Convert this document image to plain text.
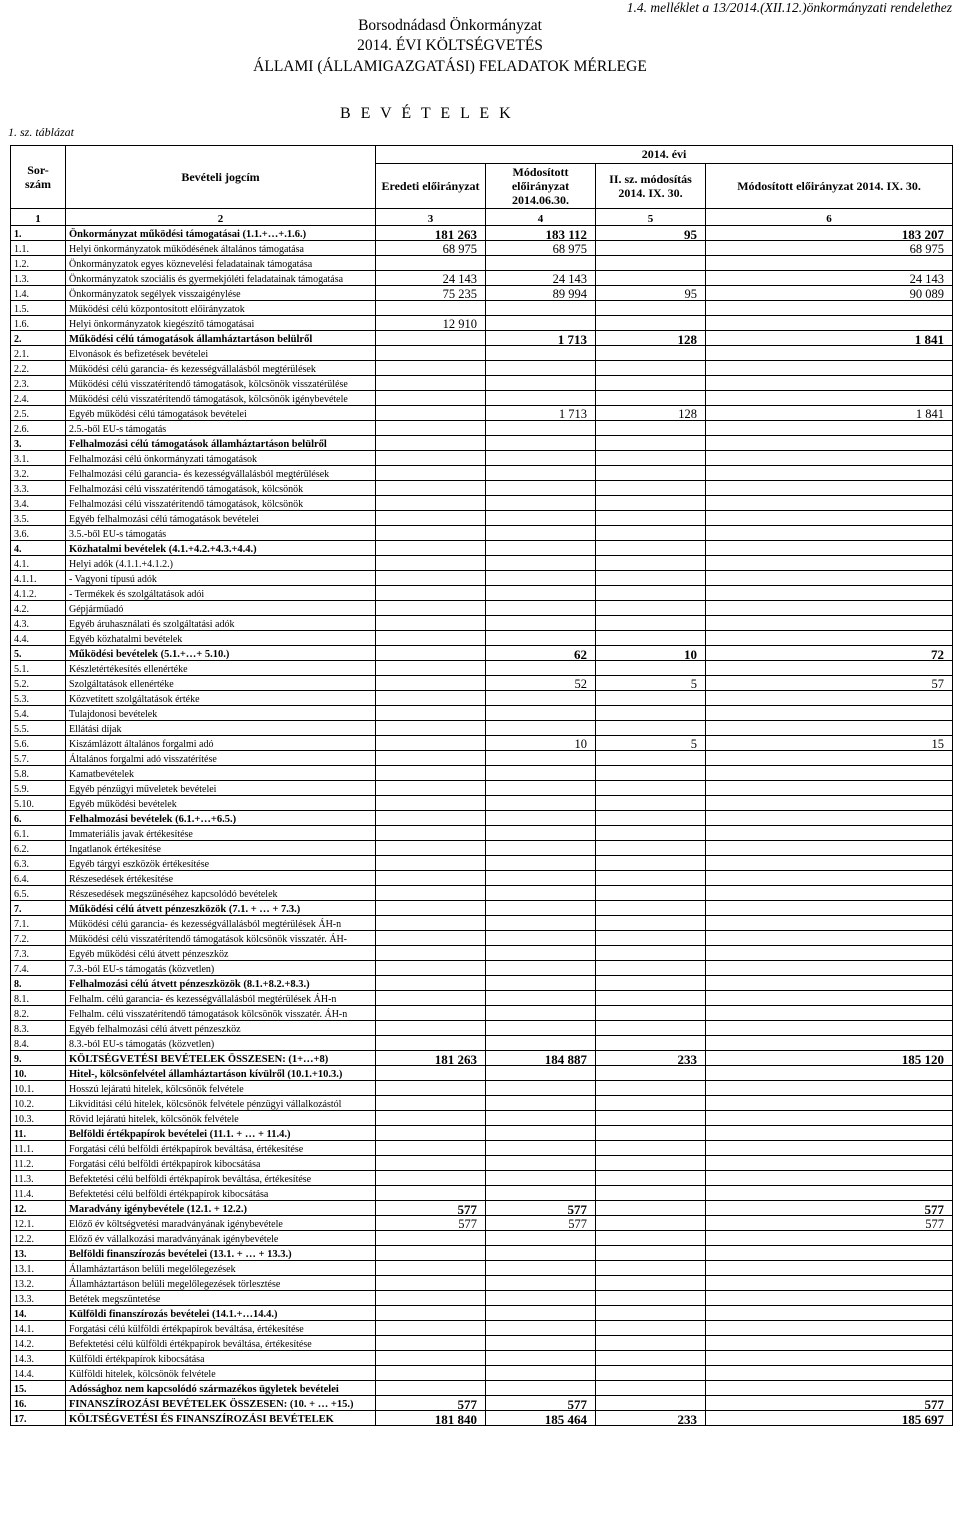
1.4. melléklet a 13/2014.(XII.12.)önkormányzati rendelethez
Borsodnádasd Önkormányzat
2014. ÉVI KÖLTSÉGVETÉS
ÁLLAMI (ÁLLAMIGAZGATÁSI) FELADATOK MÉRLEGE
B E V É T E L E K
1. sz. táblázat
Sor-
szám	Bevételi jogcím	2014. évi			
		Eredeti előirányzat	Módosított előirányzat 2014.06.30.	II. sz. módosítás 2014. IX. 30.	Módosított előirányzat 2014. IX. 30.
1	2	3	4	5	6
1.	Önkormányzat működési támogatásai (1.1.+…+.1.6.)	181 263	183 112	95	183 207
1.1.	Helyi önkormányzatok működésének általános támogatása	68 975	68 975		68 975
1.2.	Önkormányzatok egyes köznevelési feladatainak támogatása				
1.3.	Önkormányzatok szociális és gyermekjóléti feladatainak támogatása	24 143	24 143		24 143
1.4.	Önkormányzatok segélyek visszaigénylése	75 235	89 994	95	90 089
1.5.	Működési célú központosított előirányzatok				
1.6.	Helyi önkormányzatok kiegészítő támogatásai	12 910			
2.	Működési célú támogatások államháztartáson belülről		1 713	128	1 841
2.1.	Elvonások és befizetések bevételei				
2.2.	Működési célú garancia- és kezességvállalásból megtérülések				
2.3.	Működési célú visszatérítendő támogatások, kölcsönök visszatérülése				
2.4.	Működési célú visszatérítendő támogatások, kölcsönök igénybevétele				
2.5.	Egyéb működési célú támogatások bevételei		1 713	128	1 841
2.6.	2.5.-ből EU-s támogatás				
3.	Felhalmozási célú támogatások államháztartáson belülről				
3.1.	Felhalmozási célú önkormányzati támogatások				
3.2.	Felhalmozási célú garancia- és kezességvállalásból megtérülések				
3.3.	Felhalmozási célú visszatérítendő támogatások, kölcsönök				
3.4.	Felhalmozási célú visszatérítendő támogatások, kölcsönök				
3.5.	Egyéb felhalmozási célú támogatások bevételei				
3.6.	3.5.-ből EU-s támogatás				
4.	Közhatalmi bevételek (4.1.+4.2.+4.3.+4.4.)				
4.1.	Helyi adók (4.1.1.+4.1.2.)				
4.1.1.	- Vagyoni típusú adók				
4.1.2.	- Termékek és szolgáltatások adói				
4.2.	Gépjárműadó				
4.3.	Egyéb áruhasználati és szolgáltatási adók				
4.4.	Egyéb közhatalmi bevételek				
5.	Működési bevételek (5.1.+…+ 5.10.)		62	10	72
5.1.	Készletértékesítés ellenértéke				
5.2.	Szolgáltatások ellenértéke		52	5	57
5.3.	Közvetített szolgáltatások értéke				
5.4.	Tulajdonosi bevételek				
5.5.	Ellátási díjak				
5.6.	Kiszámlázott általános forgalmi adó		10	5	15
5.7.	Általános forgalmi adó visszatérítése				
5.8.	Kamatbevételek				
5.9.	Egyéb pénzügyi műveletek bevételei				
5.10.	Egyéb működési bevételek				
6.	Felhalmozási bevételek (6.1.+…+6.5.)				
6.1.	Immateriális javak értékesítése				
6.2.	Ingatlanok értékesítése				
6.3.	Egyéb tárgyi eszközök értékesítése				
6.4.	Részesedések értékesítése				
6.5.	Részesedések megszűnéséhez kapcsolódó bevételek				
7.	Működési célú átvett pénzeszközök (7.1. + … + 7.3.)				
7.1.	Működési célú garancia- és kezességvállalásból megtérülések ÁH-n				
7.2.	Működési célú visszatérítendő támogatások kölcsönök visszatér. ÁH-				
7.3.	Egyéb működési célú átvett pénzeszköz				
7.4.	7.3.-ból EU-s támogatás (közvetlen)				
8.	Felhalmozási célú átvett pénzeszközök (8.1.+8.2.+8.3.)				
8.1.	Felhalm. célú garancia- és kezességvállalásból megtérülések ÁH-n				
8.2.	Felhalm. célú visszatérítendő támogatások kölcsönök visszatér. ÁH-n				
8.3.	Egyéb felhalmozási célú átvett pénzeszköz				
8.4.	8.3.-ból EU-s támogatás (közvetlen)				
9.	KÖLTSÉGVETÉSI BEVÉTELEK ÖSSZESEN: (1+…+8)	181 263	184 887	233	185 120
10.	Hitel-, kölcsönfelvétel államháztartáson kívülről (10.1.+10.3.)				
10.1.	Hosszú lejáratú hitelek, kölcsönök felvétele				
10.2.	Likviditási célú hitelek, kölcsönök felvétele pénzügyi vállalkozástól				
10.3.	Rövid lejáratú hitelek, kölcsönök felvétele				
11.	Belföldi értékpapírok bevételei (11.1. + … + 11.4.)				
11.1.	Forgatási célú belföldi értékpapírok beváltása, értékesítése				
11.2.	Forgatási célú belföldi értékpapírok kibocsátása				
11.3.	Befektetési célú belföldi értékpapírok beváltása, értékesítése				
11.4.	Befektetési célú belföldi értékpapírok kibocsátása				
12.	Maradvány igénybevétele (12.1. + 12.2.)	577	577		577
12.1.	Előző év költségvetési maradványának igénybevétele	577	577		577
12.2.	Előző év vállalkozási maradványának igénybevétele				
13.	Belföldi finanszírozás bevételei (13.1. + … + 13.3.)				
13.1.	Államháztartáson belüli megelőlegezések				
13.2.	Államháztartáson belüli megelőlegezések törlesztése				
13.3.	Betétek megszüntetése				
14.	Külföldi finanszírozás bevételei (14.1.+…14.4.)				
14.1.	Forgatási célú külföldi értékpapírok beváltása, értékesítése				
14.2.	Befektetési célú külföldi értékpapírok beváltása, értékesítése				
14.3.	Külföldi értékpapírok kibocsátása				
14.4.	Külföldi hitelek, kölcsönök felvétele				
15.	Adóssághoz nem kapcsolódó származékos ügyletek bevételei				
16.	FINANSZÍROZÁSI BEVÉTELEK ÖSSZESEN: (10. + … +15.)	577	577		577
17.	KÖLTSÉGVETÉSI ÉS FINANSZÍROZÁSI BEVÉTELEK	181 840	185 464	233	185 697
